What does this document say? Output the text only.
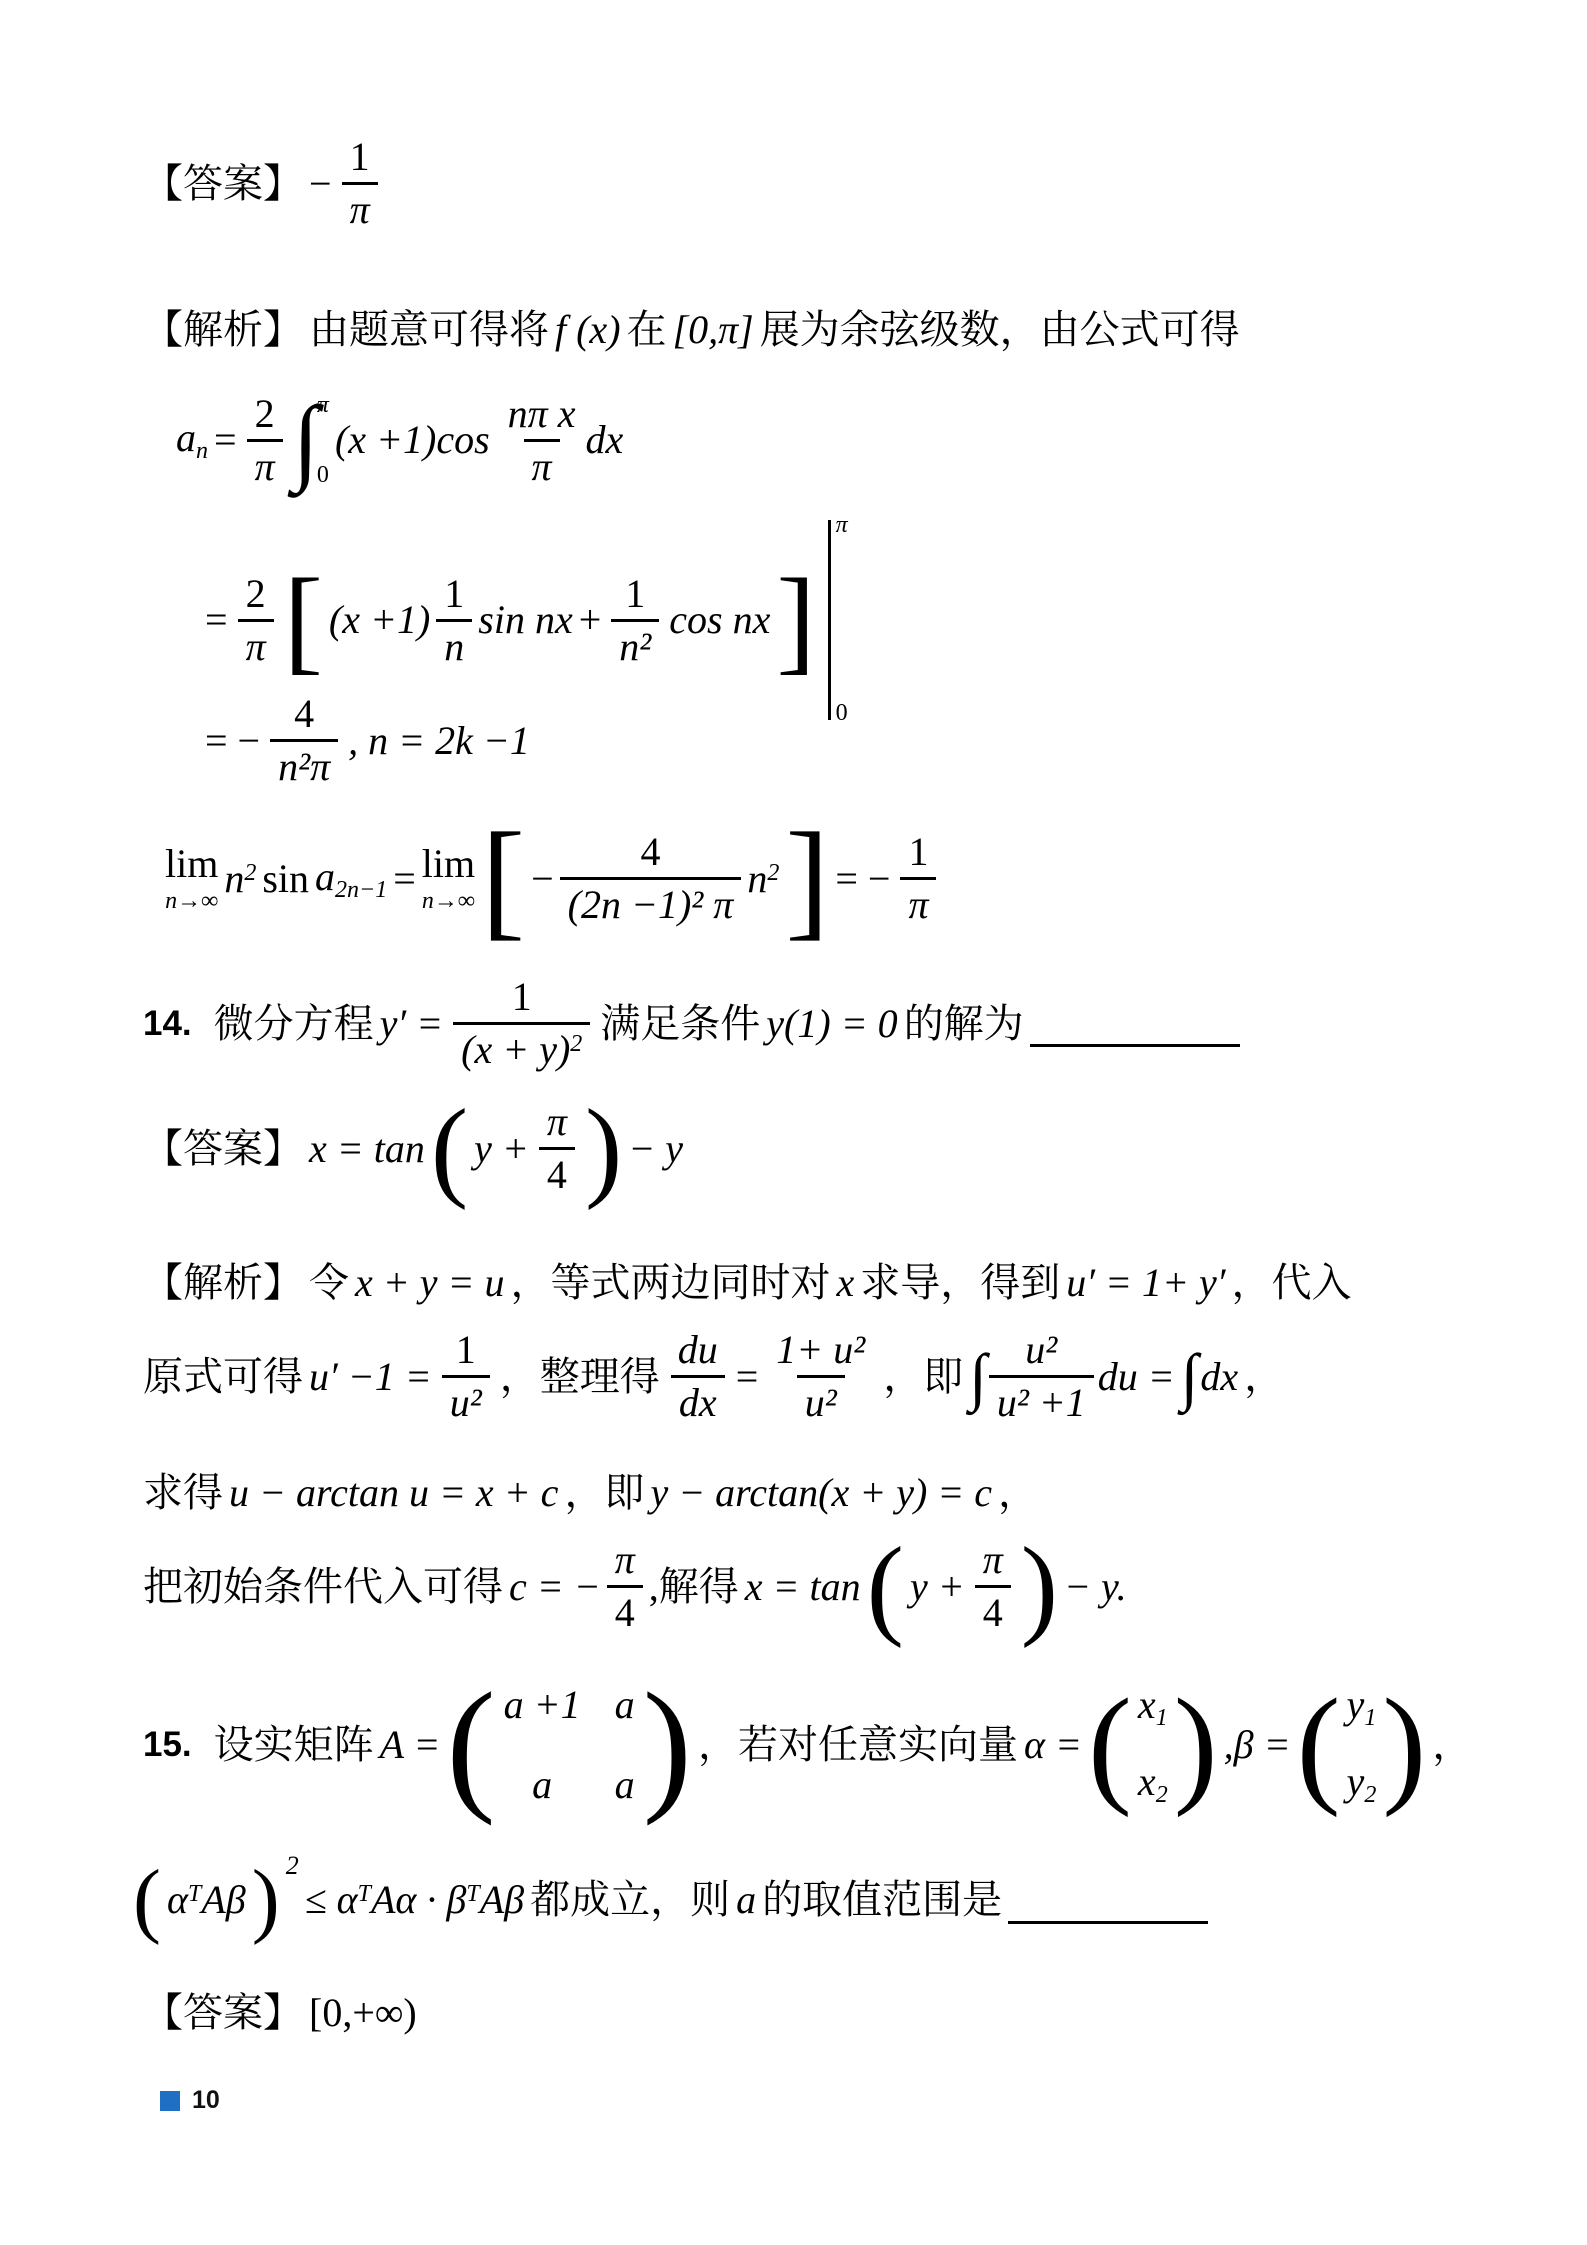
【答案】 − $\frac{1}{\pi}$
【解析】 由题意可得将 f (x) 在 [0,π] 展为余弦级数，由公式可得
$a_n = \frac{2}{\pi}$ ∫
π
0
$(x +1)\cos \frac{\text{nπ x}}{\pi}$ dx
= $\frac{2}{\pi}$ [ $(x +1) \frac{1}{n}$ sin nx + $\frac{1}{\text{n²}}$ cos nx ]

π

0

= − $\frac{4}{\text{n²π}}$ , n = 2k −1
lim
n→∞
$n^2$ $\sin a_{2n-1} = \lim$
n→∞ [ − $\frac{4}{\text{(2n −1)² π}} n^2$ ] = − $\frac{1}{\pi}$
14. 微分方程 $y' = \frac{1}{(x + y)^2}$ 满足条件 y(1) = 0 的解为
【答案】 x = tan ( $y + \frac{\pi}{4}$ ) − y
【解析】 令 x + y = u ，等式两边同时对 x 求导，得到 u′ = 1+ y′ ，代入
原式可得 $u' -1 = \frac{1}{\text{u²}}$ ，整理得 $\frac{du}{dx} = \frac{\text{1+ u²}}{\text{u²}}$ ，即 ∫ $\frac{\text{u²}}{\text{u² +1}}$ du = ∫ dx ，
求得 u − arctan u = x + c ，即 y − arctan(x + y) = c ，
把初始条件代入可得 c = − $\frac{\pi}{4}$ ,解得 x = tan ( $y + \frac{\pi}{4}$ ) − y.
15. 设实矩阵 A = ( a +1 a
a	a ) ，若对任意实向量 α = ( $x_1$
$x_2$ ) ,β = ( $y_1$
$y_2$ ) ，
( $\alpha^TA\beta$ ) 2
≤ $\alpha^TA\alpha \cdot \beta^TA\beta$ 都成立，则 a 的取值范围是
【答案】 [0,+∞)
10
